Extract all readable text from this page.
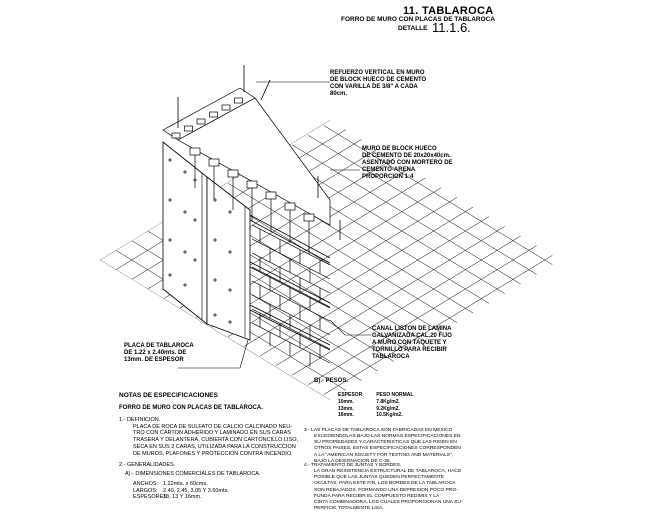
11. TABLAROCA
FORRO DE MURO CON PLACAS DE TABLAROCA
DETALLE 11.1.6.
REFUERZO VERTICAL EN MURO
DE BLOCK HUECO DE CEMENTO
CON VARILLA DE 3/8" A CADA
80cm.
MURO DE BLOCK HUECO
DE CEMENTO DE 20x20x40cm.
ASENTADO CON MORTERO DE
CEMENTO-ARENA
PROPORCION 1:4
PLACA DE TABLAROCA
DE 1.22 x 2.40mts. DE
13mm. DE ESPESOR
CANAL LISTON DE LAMINA
GALVANIZADA CAL.20 FIJO
A MURO CON TAQUETE Y
TORNILLO PARA RECIBIR
TABLAROCA

NOTAS DE ESPECIFICACIONES

FORRO DE MURO CON PLACAS DE TABLAROCA.

1.- DEFINICION.

PLACA DE ROCA DE SULFATO DE CALCIO CALCINADO NEU-

TRO CON CARTON ADHERIDO Y LAMINADO EN SUS CARAS

TRASERA Y DELANTERA, CUBIERTA CON CARTONCILLO LISO,

SECA EN SUS 2 CARAS, UTILIZADA PARA LA CONSTRUCCION

DE MUROS, PLAFONES Y PROTECCION CONTRA INCENDIO.

2.- GENERALIDADES.

A).- DIMENSIONES COMERCIALES DE TABLAROCA.

ANCHOS: 1.22mts. x 60cms.

LARGOS: 2.40, 2.45, 3.05 Y 3.60mts.

ESPESORES:10, 13 Y 16mm.

B).- PESOS.

ESPESOR	PESO NORMAL
10mm.	7.8Kg/m2.
13mm.	9.2Kg/m2.
16mm.	10.5Kg/m2.

3.- LAS PLACAS DE TABLAROCA SON FABRICADAS EN MEXICO

EXCEDIENDOLAS BAJO LAS NORMAS ESPECIFICACIONES EN

SU PROPIEDADES Y CARACTERISTICAS QUE LAS RIGEN EN

OTROS PAISES, ESTAS ESPECIFICACIONES CORRESPONDEN

A LA "AMERICAN SOCIETY FOR TESTING AND MATERIALS",

BAJO LA DESIGNACION DE C-36.

4.- TRATAMIENTO DE JUNTAS Y BORDES.

LA GRAN RESISTENCIA ESTRUCTURAL DE TABLAROCA, HACE

POSIBLE QUE LAS JUNTAS QUEDEN PERFECTAMENTE

OCULTAS, PARA ESTE FIN, LOS BORDES DE LA TABLAROCA

SON REBAJADOS, FORMANDO UNA DEPRESION POCO PRO-

FUNDA PARA RECIBIR EL COMPUESTO REDIMIX Y LA

CINTA COMBINADORA, LOS CUALES PROPORCIONAN UNA SU-

PERFICIE TOTALMENTE LISA.
